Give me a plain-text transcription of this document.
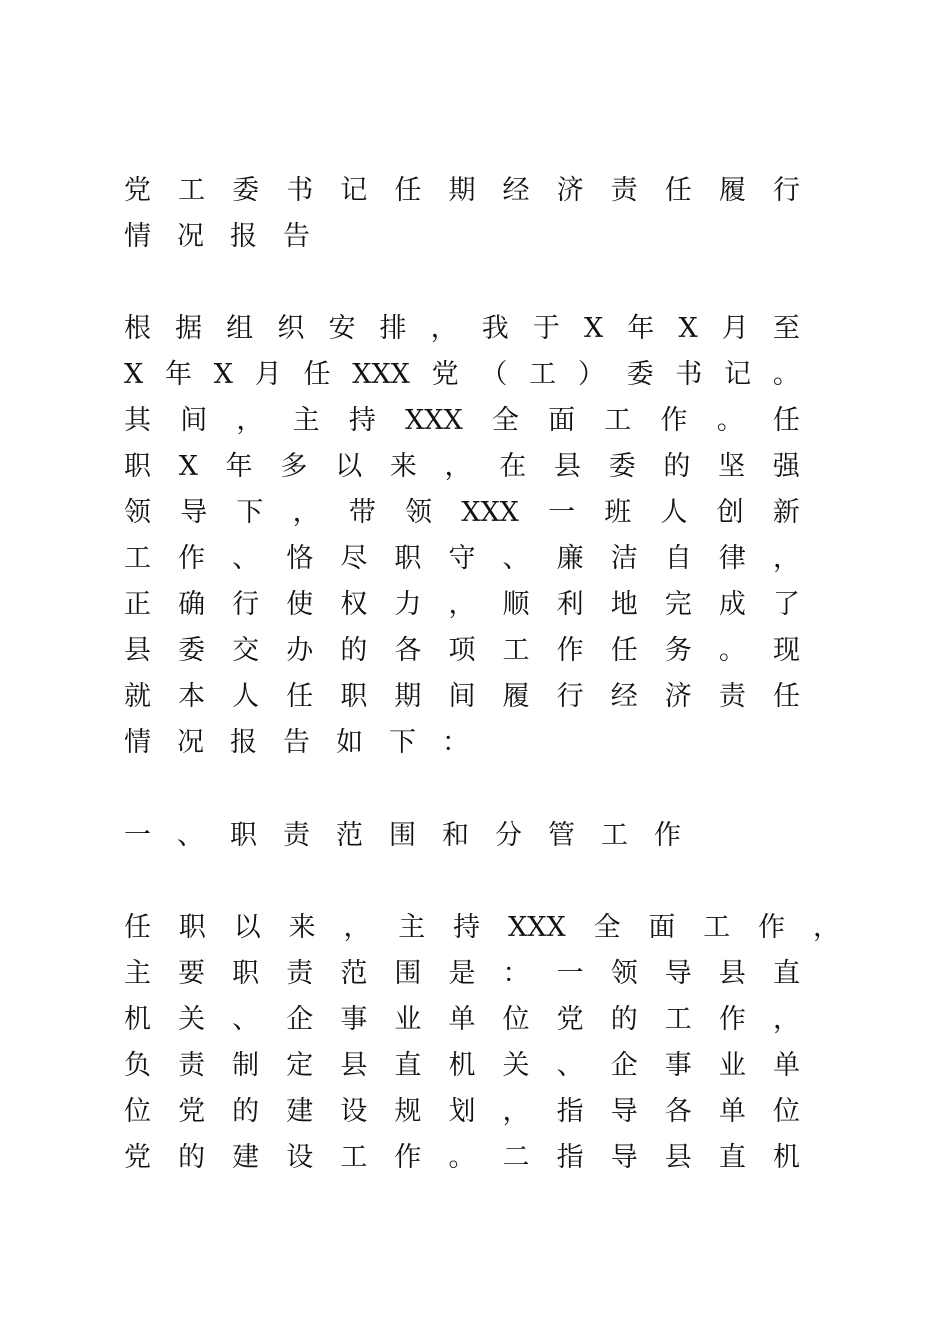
党 工 委 书 记 任 期 经 济 责 任 履 行
情况报告
根 据 组 织 安 排 ， 我 于 X 年 X 月 至
X 年 X 月 任 XXX 党 （ 工 ） 委 书 记 。
其 间 ， 主 持 XXX 全 面 工 作 。 任
职 X 年 多 以 来 ， 在 县 委 的 坚 强
领 导 下 ， 带 领 XXX 一 班 人 创 新
工 作 、 恪 尽 职 守 、 廉 洁 自 律 ，
正 确 行 使 权 力 ， 顺 利 地 完 成 了
县 委 交 办 的 各 项 工 作 任 务 。 现
就 本 人 任 职 期 间 履 行 经 济 责 任
情况报告如下：
一、职责范围和分管工作
任 职 以 来 ， 主 持 XXX 全 面 工 作 ，
主 要 职 责 范 围 是 ： 一 领 导 县 直
机 关 、 企 事 业 单 位 党 的 工 作 ，
负 责 制 定 县 直 机 关 、 企 事 业 单
位 党 的 建 设 规 划 ， 指 导 各 单 位
党 的 建 设 工 作 。 二 指 导 县 直 机
